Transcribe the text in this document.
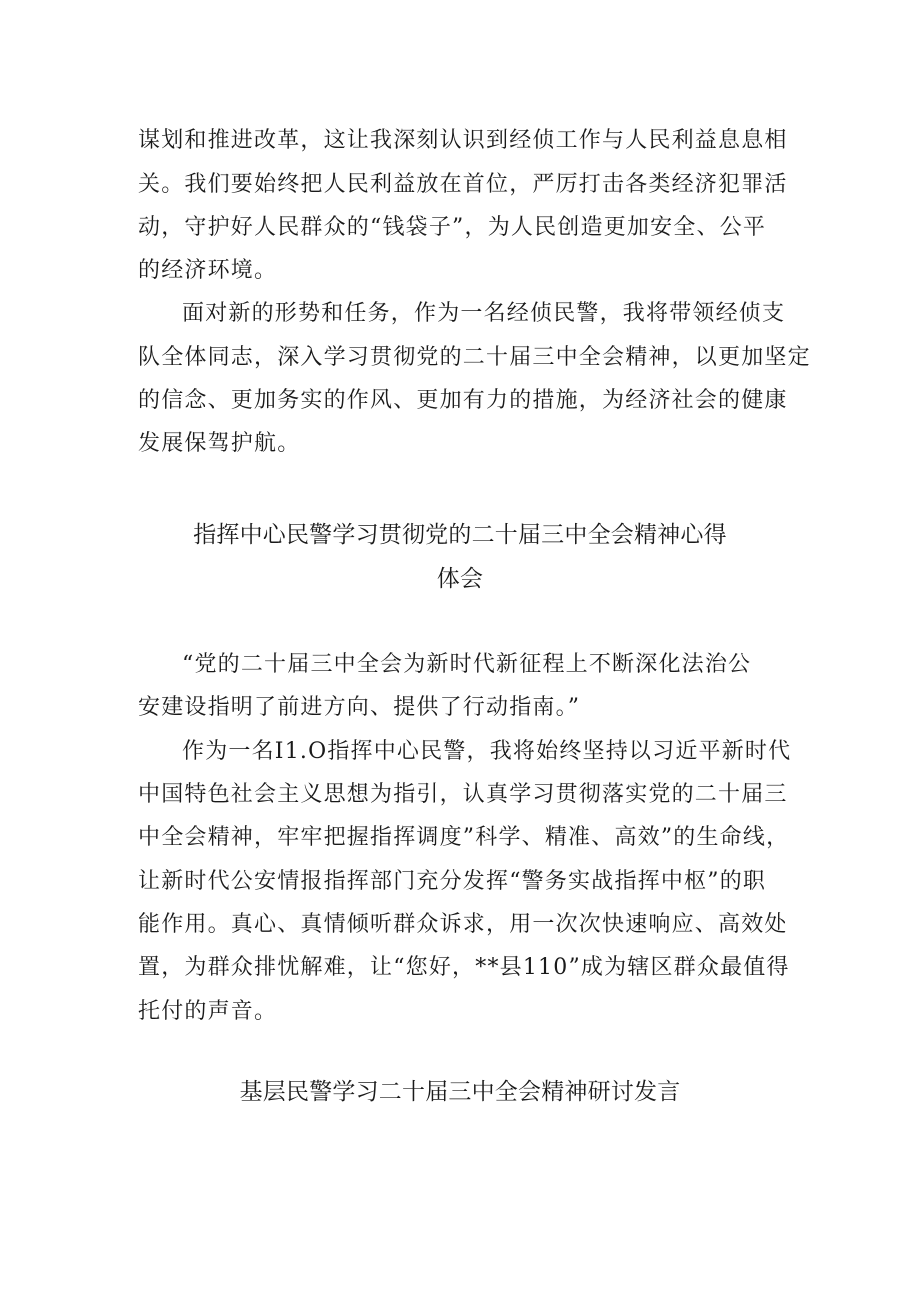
谋划和推进改革，这让我深刻认识到经侦工作与人民利益息息相
关。我们要始终把人民利益放在首位，严厉打击各类经济犯罪活
动，守护好人民群众的“钱袋子”，为人民创造更加安全、公平
的经济环境。
面对新的形势和任务，作为一名经侦民警，我将带领经侦支
队全体同志，深入学习贯彻党的二十届三中全会精神，以更加坚定
的信念、更加务实的作风、更加有力的措施，为经济社会的健康
发展保驾护航。
指挥中心民警学习贯彻党的二十届三中全会精神心得
体会
“党的二十届三中全会为新时代新征程上不断深化法治公
安建设指明了前进方向、提供了行动指南。”
作为一名I1.O指挥中心民警，我将始终坚持以习近平新时代
中国特色社会主义思想为指引，认真学习贯彻落实党的二十届三
中全会精神，牢牢把握指挥调度”科学、精准、高效”的生命线，
让新时代公安情报指挥部门充分发挥“警务实战指挥中枢”的职
能作用。真心、真情倾听群众诉求，用一次次快速响应、高效处
置，为群众排忧解难，让“您好，**县110”成为辖区群众最值得
托付的声音。
基层民警学习二十届三中全会精神研讨发言
